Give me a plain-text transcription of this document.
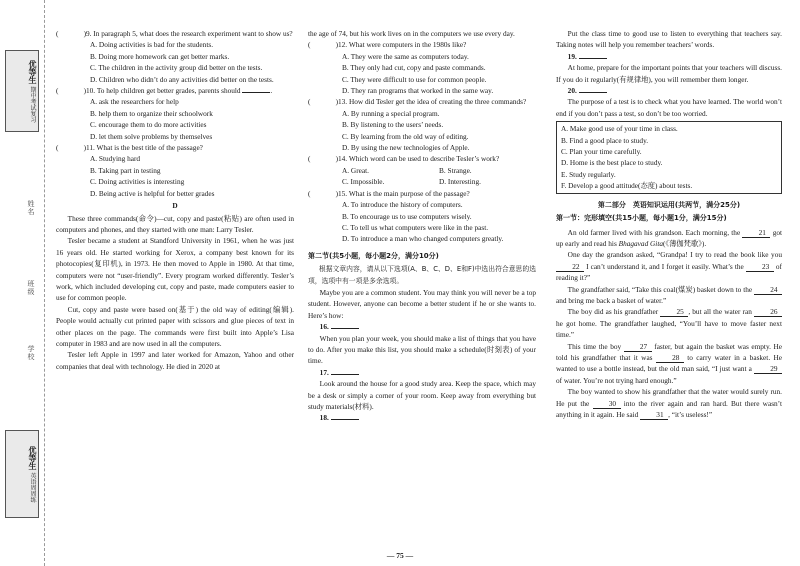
优等生 期中考试复习
姓名
班级
学校
优等生 英语周周练

(	) 9. In paragraph 5, what does the research experiment want to show us?

A. Doing activities is bad for the students.

B. Doing more homework can get better marks.

C. The children in the activity group did better on the tests.

D. Children who didn’t do any activities did better on the tests.

(	) 10. To help children get better grades, parents should	.

A. ask the researchers for help

B. help them to organize their schoolwork

C. encourage them to do more activities

D. let them solve problems by themselves

(	) 11. What is the best title of the passage?

A. Studying hard

B. Taking part in testing

C. Doing activities is interesting

D. Being active is helpful for better grades

D

These three commands(命令)—cut, copy and paste(粘贴) are often used in computers and phones, and they started with one man: Larry Tesler.

Tesler became a student at Standford University in 1961, when he was just 16 years old. He started working for Xerox, a company best known for its photocopies(复印机), in 1973. He then moved to Apple in 1980. At that time, computers were not “user-friendly”. Every program worked differently. Tesler’s work, which included developing cut, copy and paste, made computers easier to use for common people.

Cut, copy and paste were based on(基于) the old way of editing(编辑). People would actually cut printed paper with scissors and glue pieces of text in other places on the page. The commands were first built into Apple’s Lisa computer in 1983 and are now used in all the computers.

Tesler left Apple in 1997 and later worked for Amazon, Yahoo and other companies that deal with technology. He died in 2020 at

the age of 74, but his work lives on in the computers we use every day.

(	) 12. What were computers in the 1980s like?

A. They were the same as computers today.

B. They only had cut, copy and paste commands.

C. They were difficult to use for common people.

D. They ran programs that worked in the same way.

(	) 13. How did Tesler get the idea of creating the three commands?

A. By running a special program.

B. By listening to the users’ needs.

C. By learning from the old way of editing.

D. By using the new technologies of Apple.

(	) 14. Which word can be used to describe Tesler’s work?

A. Great.	B. Strange.
C. Impossible.	D. Interesting.

(	) 15. What is the main purpose of the passage?

A. To introduce the history of computers.

B. To encourage us to use computers wisely.

C. To tell us what computers were like in the past.

D. To introduce a man who changed computers greatly.

第二节(共5小题，每小题2分，满分10分)

根据文章内容，请从以下选项(A、B、C、D、E和F)中选出符合意思的选项，选项中有一项是多余选项。

Maybe you are a common student. You may think you will never be a top student. However, anyone can become a better student if he or she wants to. Here’s how:

16.

When you plan your week, you should make a list of things that you have to do. After you make this list, you should make a schedule(时刻表) of your time.

17.

Look around the house for a good study area. Keep the space, which may be a desk or simply a corner of your room. Keep away from everything but study materials(材料).

18.

Put the class time to good use to listen to everything that teachers say. Taking notes will help you remember teachers’ words.

19.

At home, prepare for the important points that your teachers will discuss. If you do it regularly(有规律地), you will remember them longer.

20.

The purpose of a test is to check what you have learned. The world won’t end if you don’t pass a test, so don’t be too worried.

A. Make good use of your time in class.

B. Find a good place to study.

C. Plan your time carefully.

D. Home is the best place to study.

E. Study regularly.

F. Develop a good attitude(态度) about tests.

第二部分　英语知识运用(共两节，满分25分)

第一节：完形填空(共15小题，每小题1分，满分15分)

An old farmer lived with his grandson. Each morning, the	21 got up early and read his Bhagavad Gita(《薄伽梵歌》).

One day the grandson asked, “Grandpa! I try to read the book like you 22 I can’t understand it, and I forget it easily. What’s the	23 of reading it?”

The grandfather said, “Take this coal(煤炭) basket down to the 24 and bring me back a basket of water.”

The boy did as his grandfather	25 , but all the water ran	26 he got home. The grandfather laughed, “You’ll have to move faster next time.”

This time the boy	27 faster, but again the basket was empty. He told his grandfather that it was	28 to carry water in a basket. He wanted to use a bottle instead, but the old man said, “I just want a	29 of water. You’re not trying hard enough.”

The boy wanted to show his grandfather that the water would surely run. He put the	30 into the river again and ran hard. But there wasn’t anything in it again. He said 31 , “it’s useless!”

— 75 —
